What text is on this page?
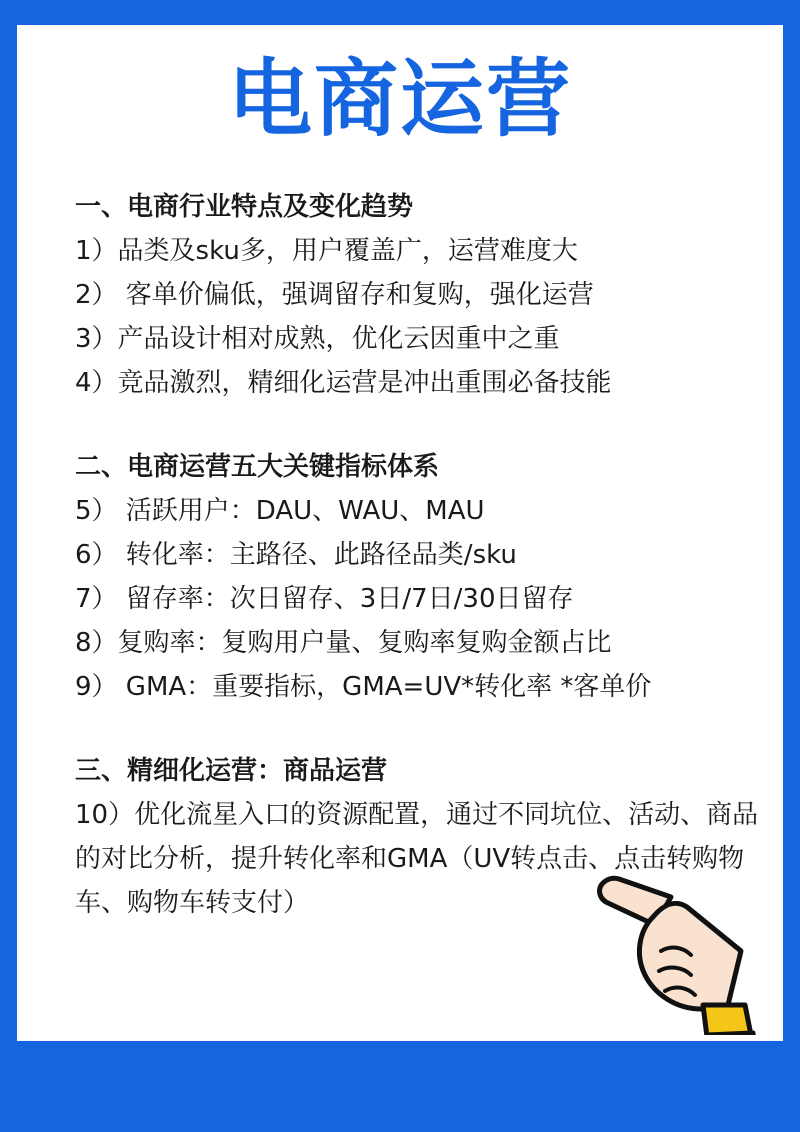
电商运营
一、电商行业特点及变化趋势
1）品类及sku多，用户覆盖广，运营难度大
2） 客单价偏低，强调留存和复购，强化运营
3）产品设计相对成熟，优化云因重中之重
4）竞品激烈，精细化运营是冲出重围必备技能
二、电商运营五大关键指标体系
5） 活跃用户：DAU、WAU、MAU
6） 转化率：主路径、此路径品类/sku
7） 留存率：次日留存、3日/7日/30日留存
8）复购率：复购用户量、复购率复购金额占比
9） GMA：重要指标，GMA=UV*转化率 *客单价
三、精细化运营：商品运营
10）优化流星入口的资源配置，通过不同坑位、活动、商品的对比分析，提升转化率和GMA（UV转点击、点击转购物车、购物车转支付）
